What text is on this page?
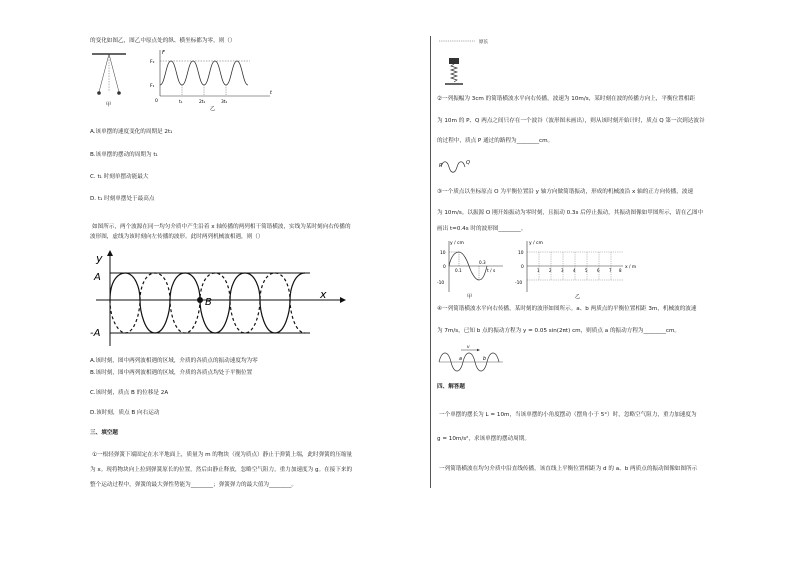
的变化如图乙，图乙中原点处的纵、横坐标都为零，则（）
甲
F
F₂
F₁
0	t₁	2t₁	3t₁
t
乙
A.该单摆的速度变化的周期是 2t₁
B.该单摆的摆动的周期为 t₁
C. t₁ 时刻单摆动能最大
D. t₁ 时刻单摆处于最高点
如图所示，两个波源在同一均匀介质中产生沿着 x 轴传播的两列相干简谐横波，实线为某时刻向右传播的
波形图，虚线为该时刻向左传播的波形。此时两列机械波相遇，则（）
y
x
A
-A
B
A.该时刻，图中两列波相遇的区域，介质的各质点的振动速度均为零
B.该时刻，图中两列波相遇的区域，介质的各质点均处于平衡位置
C.该时刻，质点 B 的位移是 2A
D.该时刻，质点 B 向右运动
三、填空题
①一根轻弹簧下端固定在水平地面上，质量为 m 的物块（视为质点）静止于弹簧上端，此时弹簧的压缩量
为 x。现将物块向上拉到弹簧原长的位置，然后由静止释放，忽略空气阻力，重力加速度为 g。在接下来的
整个运动过程中，弹簧的最大弹性势能为________；弹簧弹力的最大值为________。
原长
②一列振幅为 3cm 的简谐横波水平向右传播，波速为 10m/s，某时刻在波的传播方向上，平衡位置相距
为 10m 的 P、Q 两点之间只存在一个波谷（波形图未画出），则从该时刻开始计时，质点 Q 第一次到达波谷
的过程中，质点 P 通过的路程为________cm。
P	Q
③一个质点以坐标原点 O 为平衡位置沿 y 轴方向做简谐振动，形成的机械波沿 x 轴的正方向传播，波速
为 10m/s。以振源 O 刚开始振动为零时刻，且振动 0.3s 后停止振动，其振动图像如甲图所示，请在乙图中
画出 t=0.4s 时的波形图________。
y / cm
10
0
-10
0.1
0.3
t / s
甲
y / cm
10
0
-10
1 2 3 4 5 6 7 8
x / m
乙
④一列简谐横波水平向右传播，某时刻的波形如图所示。a、b 两质点的平衡位置相距 3m，机械波的波速
为 7m/s，已知 b 点的振动方程为 y = 0.05 sin(2πt) cm，则质点 a 的振动方程为________cm。
v
a	b
四、解答题
一个单摆的摆长为 L = 10m，当该单摆的小角度摆动（摆角小于 5°）时，忽略空气阻力，重力加速度为
g = 10m/s²，求该单摆的摆动周期。
一列简谐横波在均匀介质中沿直线传播，该直线上平衡位置相距为 d 的 a、b 两质点的振动图像如图所示
